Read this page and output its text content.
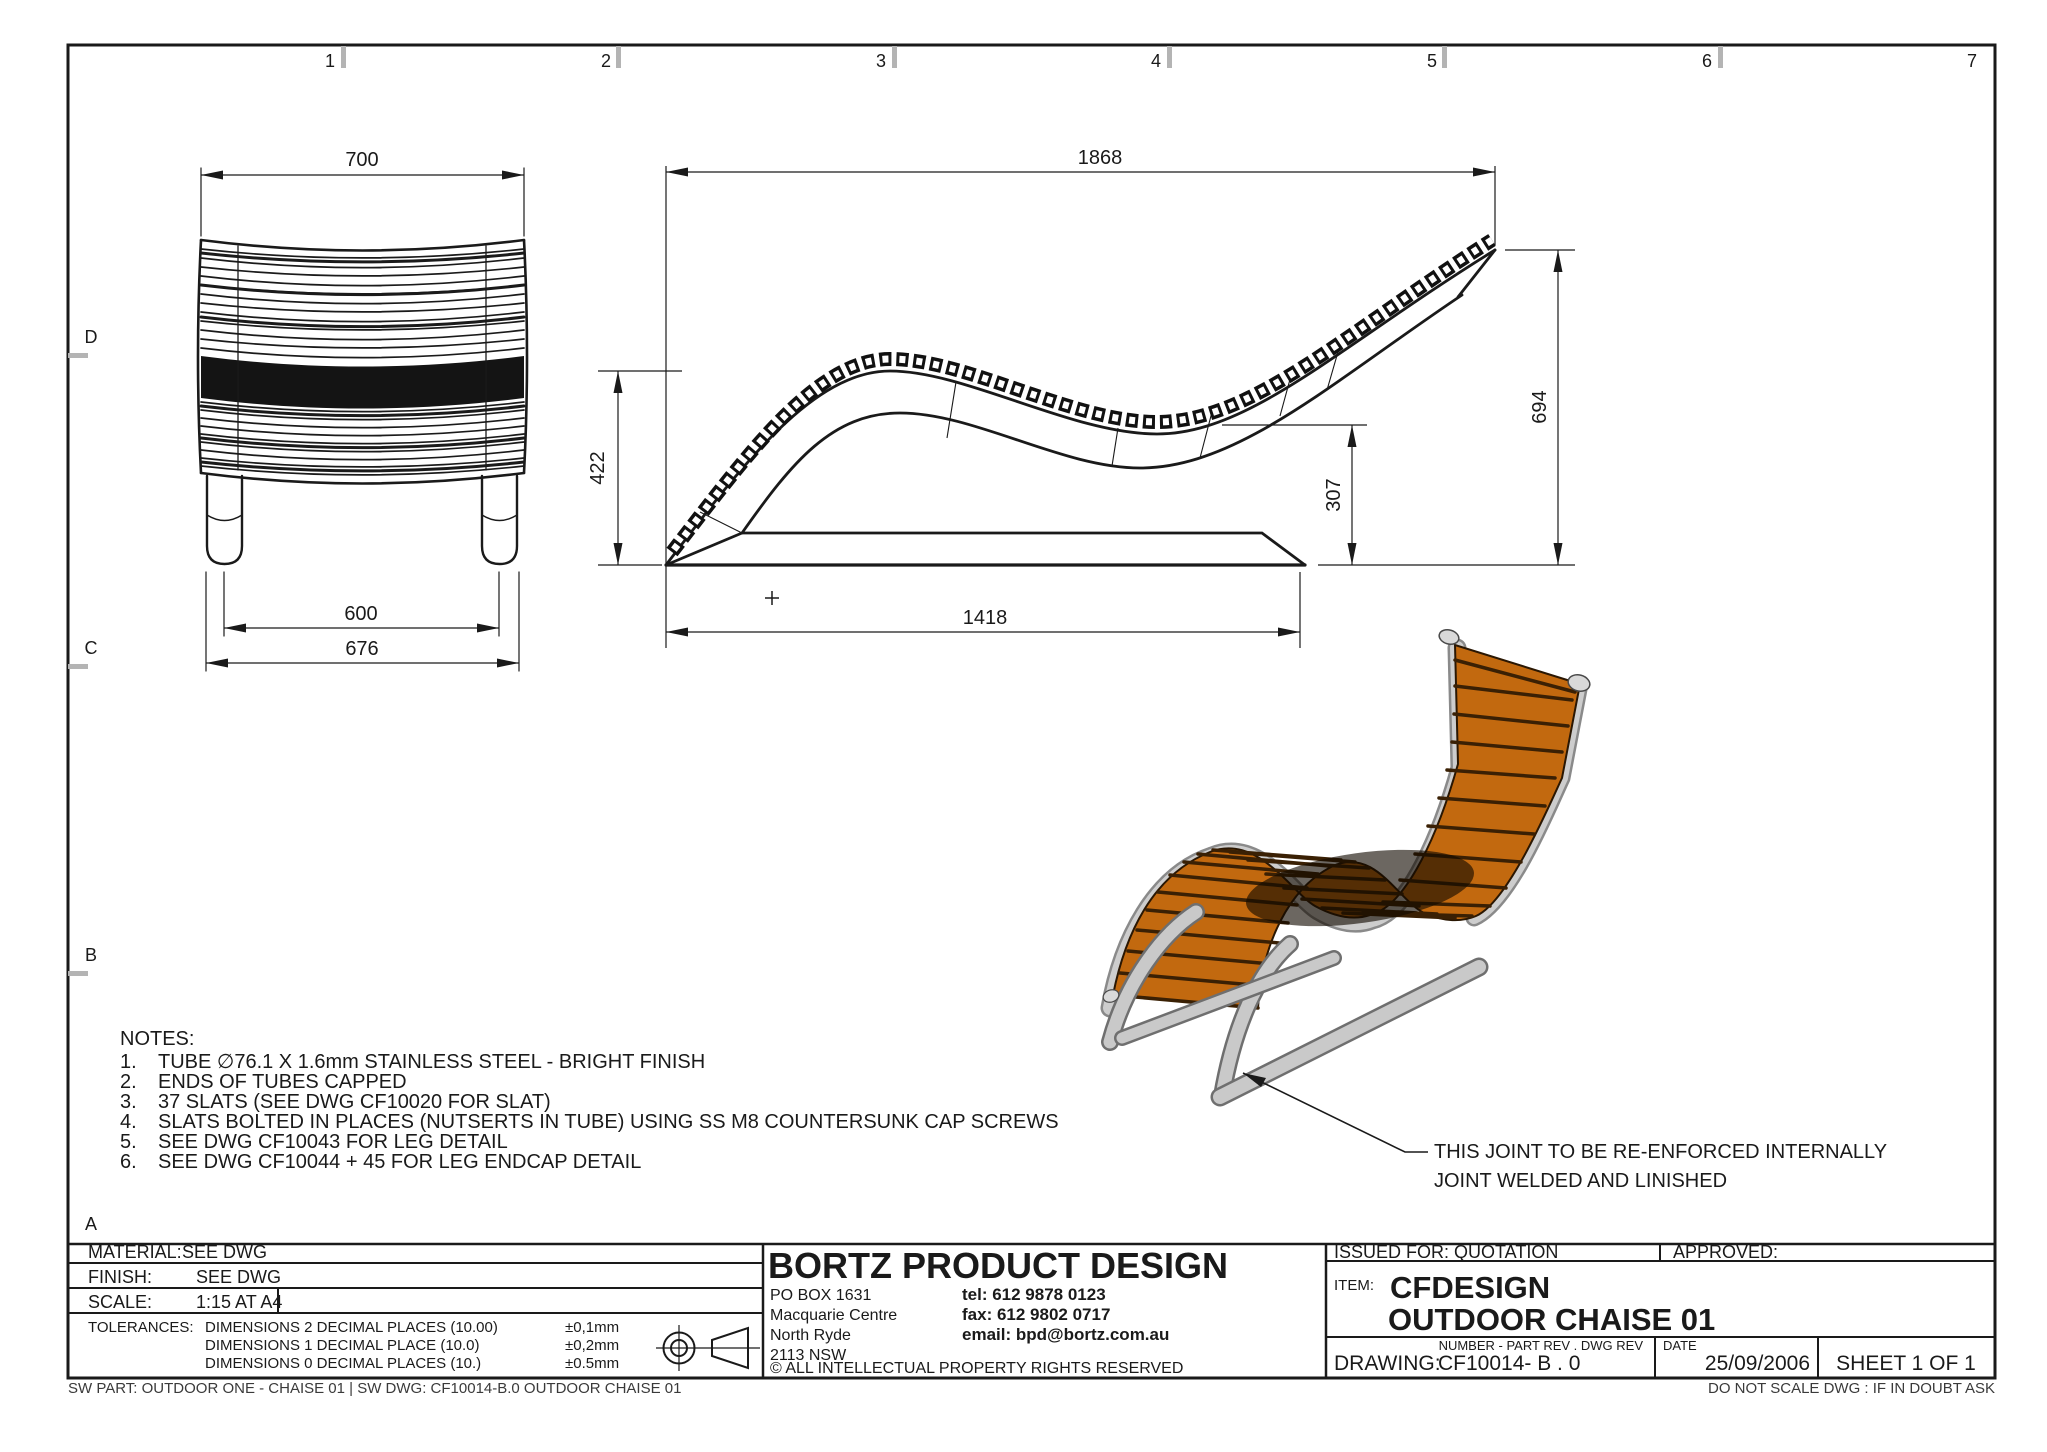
1	2	3	4	5	6	7
D
C
B
A
700
600
676
1868
422
307
694
1418
THIS JOINT TO BE RE-ENFORCED INTERNALLY
JOINT WELDED AND LINISHED
NOTES:
1. TUBE ∅76.1 X 1.6mm STAINLESS STEEL - BRIGHT FINISH
2. ENDS OF TUBES CAPPED
3. 37 SLATS (SEE DWG CF10020 FOR SLAT)
4. SLATS BOLTED IN PLACES (NUTSERTS IN TUBE) USING SS M8 COUNTERSUNK CAP SCREWS
5. SEE DWG CF10043 FOR LEG DETAIL
6. SEE DWG CF10044 + 45 FOR LEG ENDCAP DETAIL
MATERIAL: SEE DWG
FINISH: SEE DWG
SCALE: 1:15 AT A4
TOLERANCES: DIMENSIONS 2 DECIMAL PLACES (10.00)	±0,1mm
DIMENSIONS 1 DECIMAL PLACE (10.0)	±0,2mm
DIMENSIONS 0 DECIMAL PLACES (10.)	±0.5mm
BORTZ PRODUCT DESIGN
PO BOX 1631
Macquarie Centre
North Ryde
2113 NSW
tel: 612 9878 0123
fax: 612 9802 0717
email: bpd@bortz.com.au
© ALL INTELLECTUAL PROPERTY RIGHTS RESERVED
ISSUED FOR: QUOTATION	APPROVED:
ITEM: CFDESIGN
OUTDOOR CHAISE 01
NUMBER - PART REV . DWG REV
DRAWING:
CF10014- B . 0
DATE
25/09/2006 SHEET 1 OF 1
SW PART: OUTDOOR ONE - CHAISE 01 | SW DWG: CF10014-B.0 OUTDOOR CHAISE 01	DO NOT SCALE DWG : IF IN DOUBT ASK
